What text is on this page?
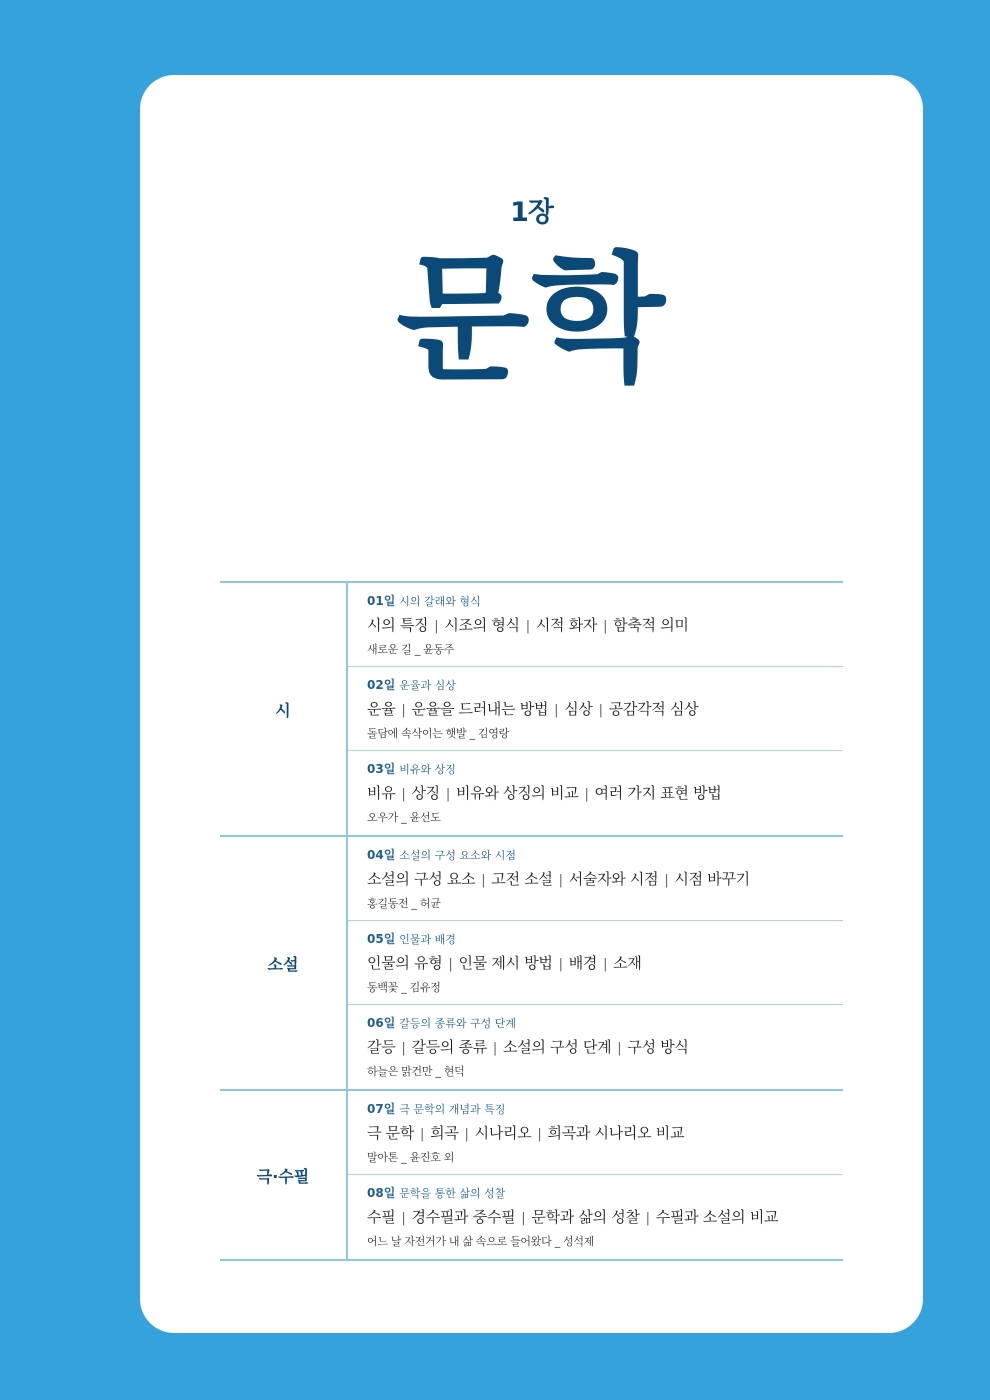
1장
문학
시
01일 시의 갈래와 형식
시의 특징 | 시조의 형식 | 시적 화자 | 함축적 의미
새로운 길 _ 윤동주
02일 운율과 심상
운율 | 운율을 드러내는 방법 | 심상 | 공감각적 심상
돌담에 속삭이는 햇발 _ 김영랑
03일 비유와 상징
비유 | 상징 | 비유와 상징의 비교 | 여러 가지 표현 방법
오우가 _ 윤선도
소설
04일 소설의 구성 요소와 시점
소설의 구성 요소 | 고전 소설 | 서술자와 시점 | 시점 바꾸기
홍길동전 _ 허균
05일 인물과 배경
인물의 유형 | 인물 제시 방법 | 배경 | 소재
동백꽃 _ 김유정
06일 갈등의 종류와 구성 단계
갈등 | 갈등의 종류 | 소설의 구성 단계 | 구성 방식
하늘은 맑건만 _ 현덕
극·수필
07일 극 문학의 개념과 특징
극 문학 | 희곡 | 시나리오 | 희곡과 시나리오 비교
말아톤 _ 윤진호 외
08일 문학을 통한 삶의 성찰
수필 | 경수필과 중수필 | 문학과 삶의 성찰 | 수필과 소설의 비교
어느 날 자전거가 내 삶 속으로 들어왔다 _ 성석제
